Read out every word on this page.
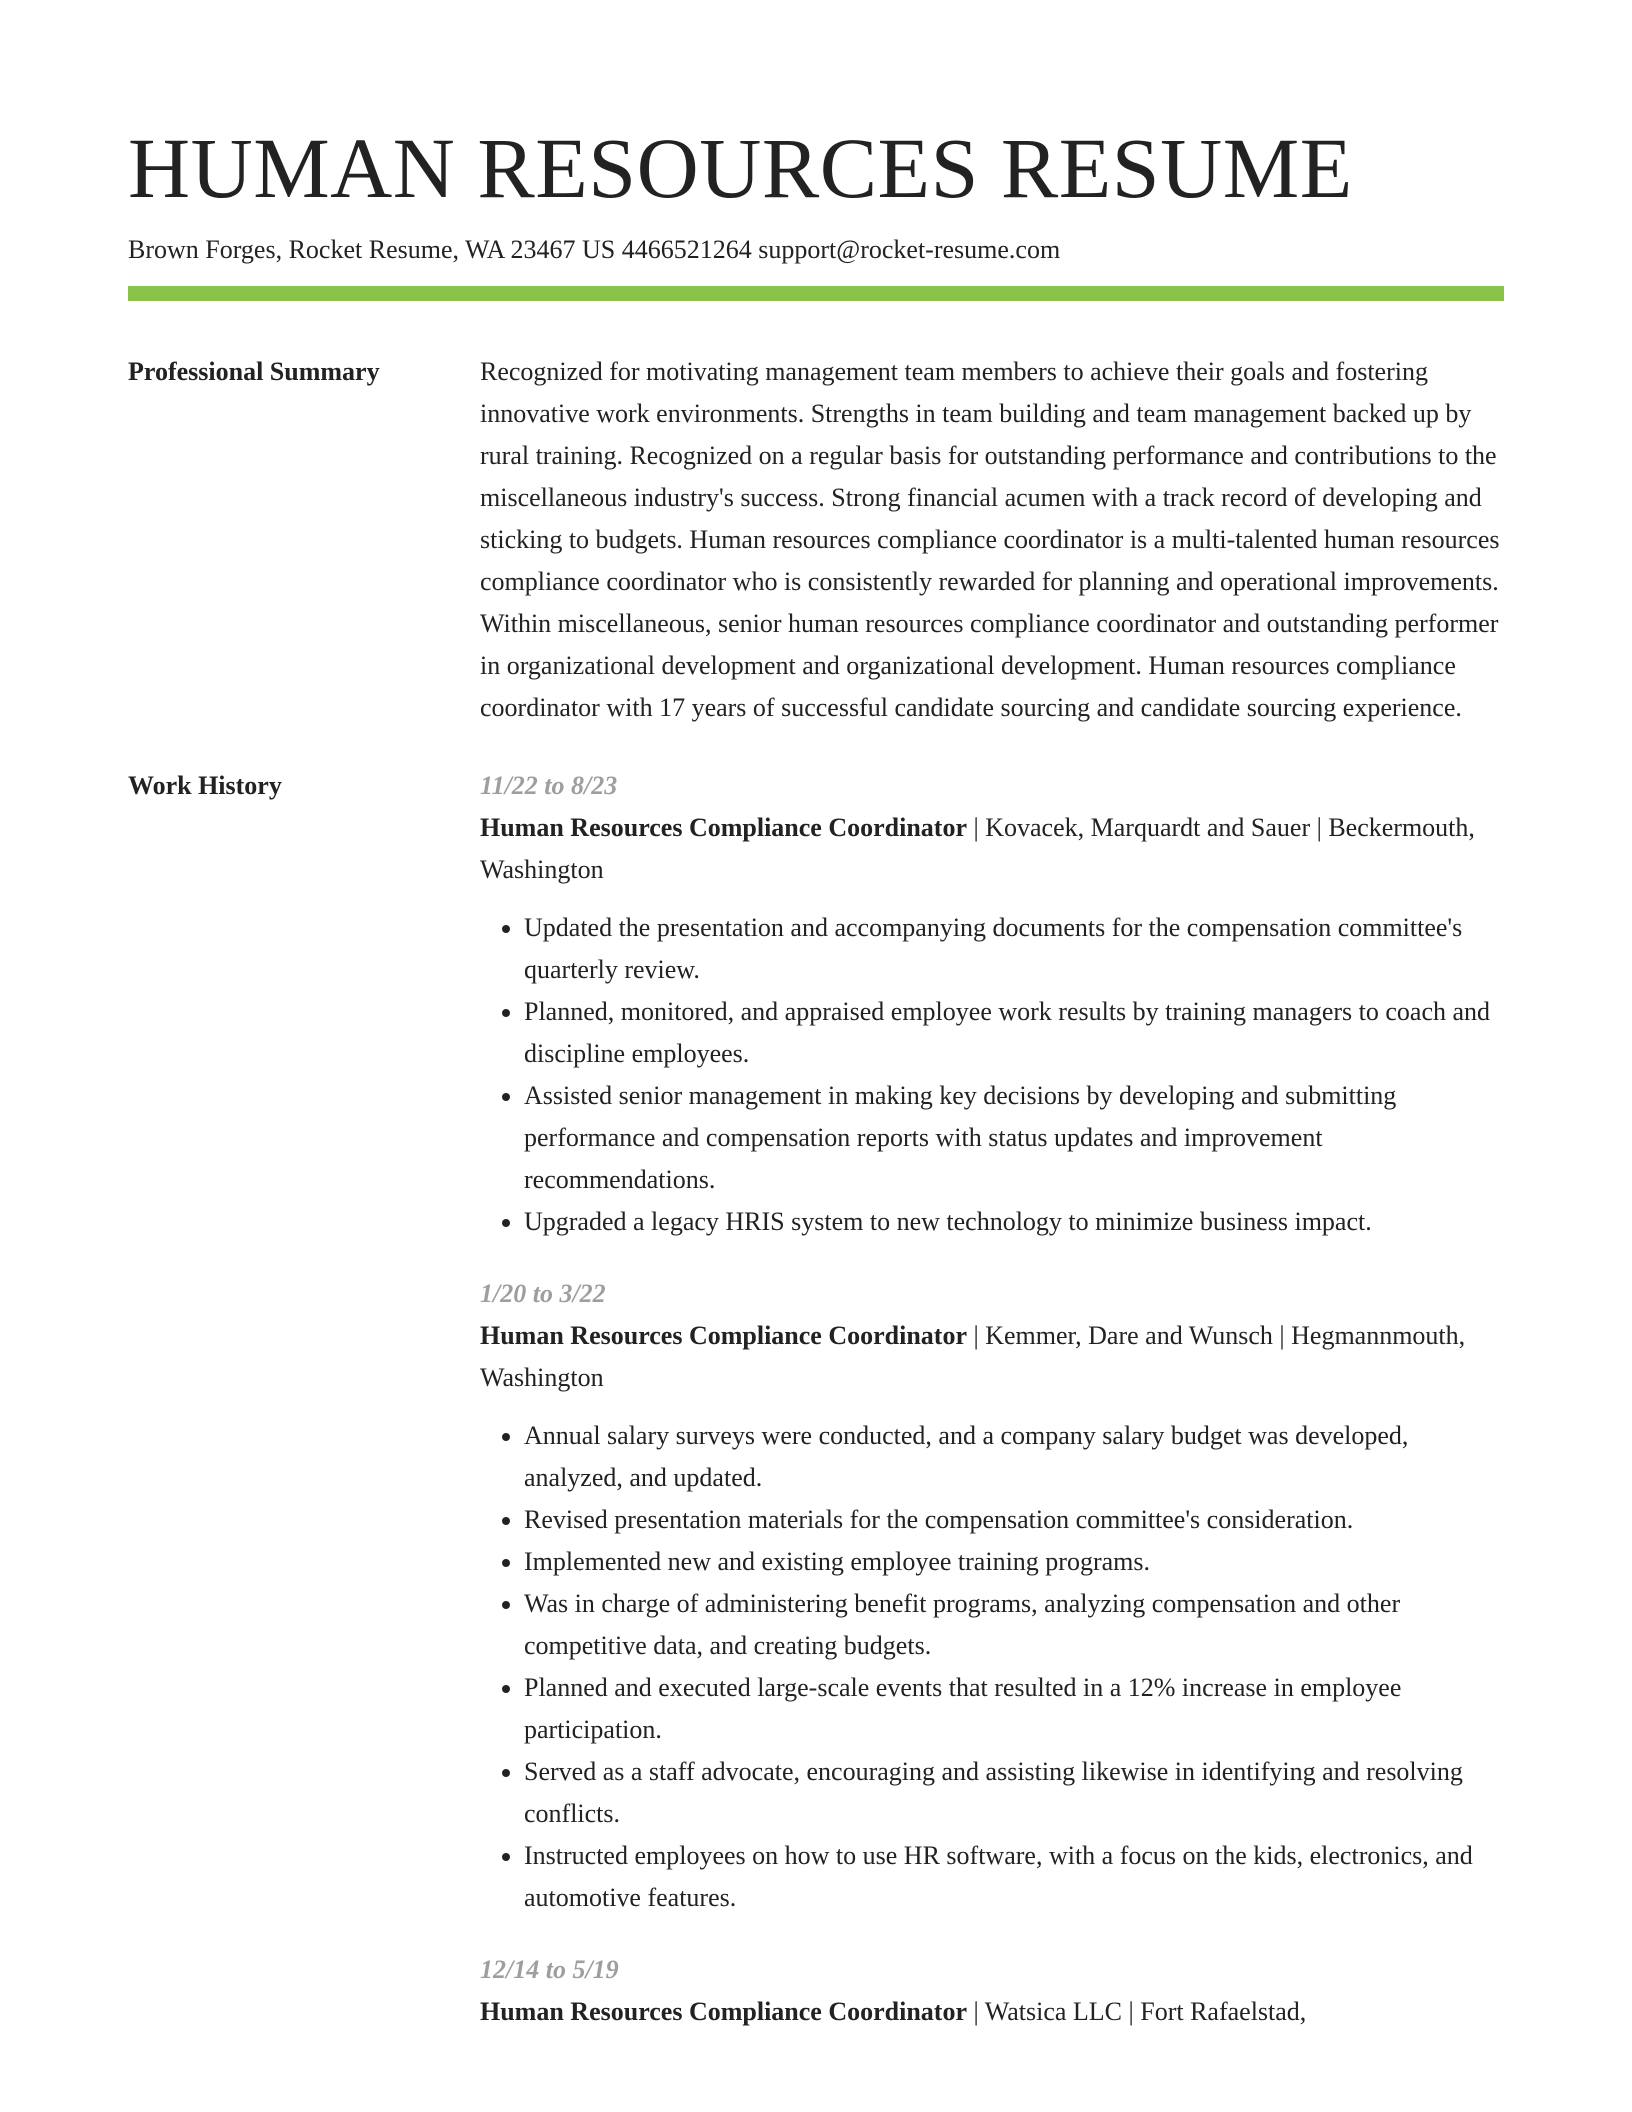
HUMAN RESOURCES RESUME
Brown Forges, Rocket Resume, WA 23467 US 4466521264 support@rocket-resume.com
Professional Summary	Recognized for motivating management team members to achieve their goals and fostering innovative work environments. Strengths in team building and team management backed up by rural training. Recognized on a regular basis for outstanding performance and contributions to the miscellaneous industry's success. Strong financial acumen with a track record of developing and sticking to budgets. Human resources compliance coordinator is a multi-talented human resources compliance coordinator who is consistently rewarded for planning and operational improvements. Within miscellaneous, senior human resources compliance coordinator and outstanding performer in organizational development and organizational development. Human resources compliance coordinator with 17 years of successful candidate sourcing and candidate sourcing experience.

Work History	11/22 to 8/23
Human Resources Compliance Coordinator | Kovacek, Marquardt and Sauer | Beckermouth, Washington
• Updated the presentation and accompanying documents for the compensation committee's quarterly review.
• Planned, monitored, and appraised employee work results by training managers to coach and discipline employees.
• Assisted senior management in making key decisions by developing and submitting performance and compensation reports with status updates and improvement recommendations.
• Upgraded a legacy HRIS system to new technology to minimize business impact.
1/20 to 3/22
Human Resources Compliance Coordinator | Kemmer, Dare and Wunsch | Hegmannmouth, Washington
• Annual salary surveys were conducted, and a company salary budget was developed, analyzed, and updated.
• Revised presentation materials for the compensation committee's consideration.
• Implemented new and existing employee training programs.
• Was in charge of administering benefit programs, analyzing compensation and other competitive data, and creating budgets.
• Planned and executed large-scale events that resulted in a 12% increase in employee participation.
• Served as a staff advocate, encouraging and assisting likewise in identifying and resolving conflicts.
• Instructed employees on how to use HR software, with a focus on the kids, electronics, and automotive features.
12/14 to 5/19
Human Resources Compliance Coordinator | Watsica LLC | Fort Rafaelstad,
